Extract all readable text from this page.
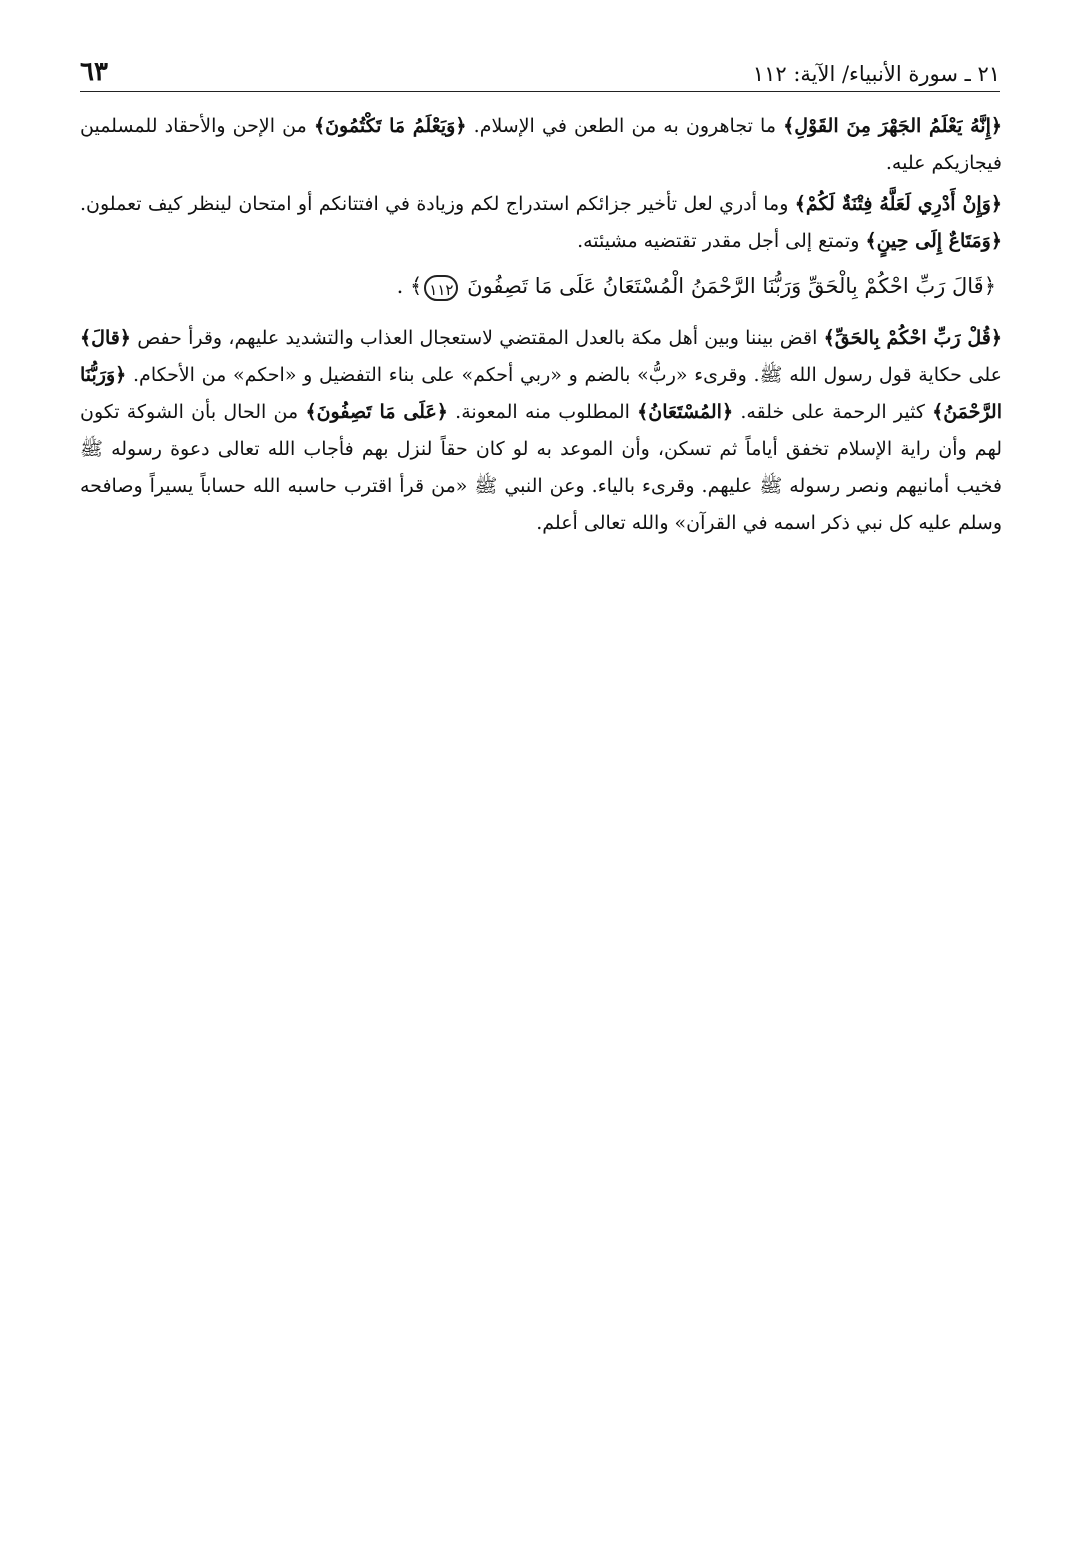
٦٣	٢١ ـ سورة الأنبياء/ الآية: ١١٢

﴿إِنَّهُ يَعْلَمُ الجَهْرَ مِنَ القَوْلِ﴾ ما تجاهرون به من الطعن في الإسلام. ﴿وَيَعْلَمُ مَا تَكْتُمُونَ﴾ من الإحن والأحقاد للمسلمين فيجازيكم عليه.

﴿وَإِنْ أَدْرِي لَعَلَّهُ فِتْنَةٌ لَكُمْ﴾ وما أدري لعل تأخير جزائكم استدراج لكم وزيادة في افتتانكم أو امتحان لينظر كيف تعملون. ﴿وَمَتَاعٌ إِلَى حِينٍ﴾ وتمتع إلى أجل مقدر تقتضيه مشيئته.

﴿قَالَ رَبِّ احْكُمْ بِالْحَقِّ وَرَبُّنَا الرَّحْمَنُ الْمُسْتَعَانُ عَلَى مَا تَصِفُونَ ١١٢﴾ .

﴿قُلْ رَبِّ احْكُمْ بِالحَقِّ﴾ اقض بيننا وبين أهل مكة بالعدل المقتضي لاستعجال العذاب والتشديد عليهم، وقرأ حفص ﴿قالَ﴾ على حكاية قول رسول الله ﷺ. وقرىء «ربُّ» بالضم و «ربي أحكم» على بناء التفضيل و «احكم» من الأحكام. ﴿وَرَبُّنَا الرَّحْمَنُ﴾ كثير الرحمة على خلقه. ﴿المُسْتَعَانُ﴾ المطلوب منه المعونة. ﴿عَلَى مَا تَصِفُونَ﴾ من الحال بأن الشوكة تكون لهم وأن راية الإسلام تخفق أياماً ثم تسكن، وأن الموعد به لو كان حقاً لنزل بهم فأجاب الله تعالى دعوة رسوله ﷺ فخيب أمانيهم ونصر رسوله ﷺ عليهم. وقرىء بالياء. وعن النبي ﷺ «من قرأ اقترب حاسبه الله حساباً يسيراً وصافحه وسلم عليه كل نبي ذكر اسمه في القرآن» والله تعالى أعلم.
